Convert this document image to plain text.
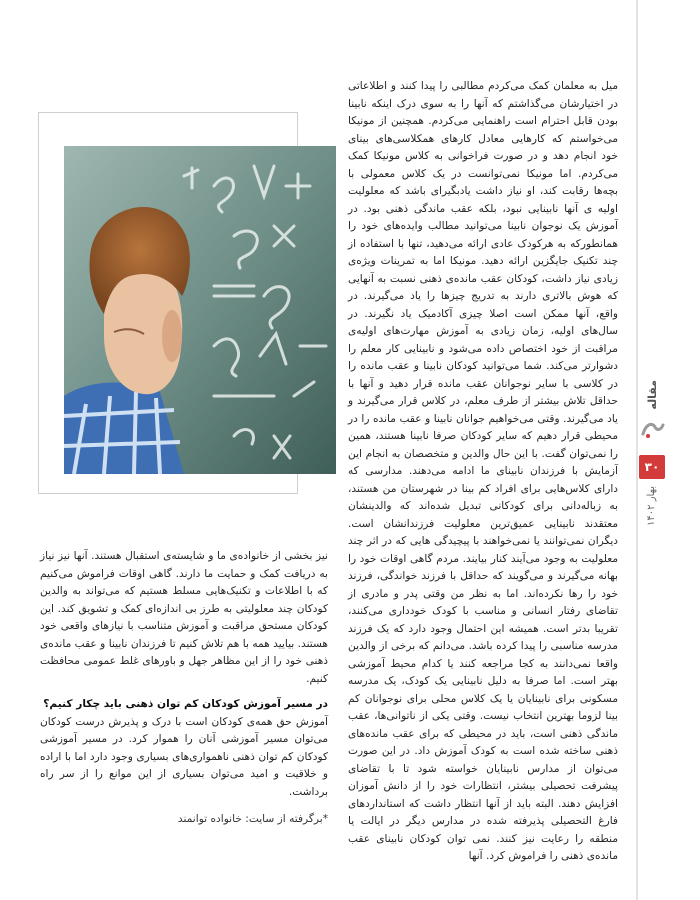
مقاله
۳۰
بهار ۱۴۰۲

میل به معلمان کمک می‌کردم مطالبی را پیدا کنند و اطلاعاتی در اختیارشان می‌گذاشتم که آنها را به سوی درک اینکه نابینا بودن قابل احترام است راهنمایی می‌کردم. همچنین از مونیکا می‌خواستم که کارهایی معادل کارهای همکلاسی‌های بینای خود انجام دهد و در صورت فراخوانی به کلاس مونیکا کمک می‌کردم. اما مونیکا نمی‌توانست در یک کلاس معمولی با بچه‌ها رقابت کند، او نیاز داشت یادبگیرای باشد که معلولیت اولیه ی آنها نابینایی نبود، بلکه عقب ماندگی ذهنی بود. در آموزش یک نوجوان نابینا می‌توانید مطالب وایده‌های خود را همانطورکه به هرکودک عادی ارائه می‌دهید، تنها با استفاده از چند تکنیک جایگزین ارائه دهید. مونیکا اما به تمرینات ویژه‌ی زیادی نیاز داشت، کودکان عقب مانده‌ی ذهنی نسبت به آنهایی که هوش بالاتری دارند به تدریج چیزها را یاد می‌گیرند. در واقع، آنها ممکن است اصلا چیزی آکادمیک یاد نگیرند. در سال‌های اولیه، زمان زیادی به آموزش مهارت‌های اولیه‌ی مراقبت از خود اختصاص داده می‌شود و نابینایی کار معلم را دشوارتر می‌کند. شما می‌توانید کودکان نابینا و عقب مانده را در کلاسی با سایر نوجوانان عقب مانده قرار دهید و آنها با حداقل تلاش بیشتر از طرف معلم، در کلاس قرار می‌گیرند و یاد می‌گیرند. وقتی می‌خواهیم جوانان نابینا و عقب مانده را در محیطی قرار دهیم که سایر کودکان صرفا نابینا هستند، همین را نمی‌توان گفت. با این حال والدین و متخصصان به انجام این آزمایش با فرزندان نابینای ما ادامه می‌دهند. مدارسی که دارای کلاس‌هایی برای افراد کم بینا در شهرستان من هستند، به زباله‌دانی برای کودکانی تبدیل شده‌اند که والدینشان معتقدند نابینایی عمیق‌ترین معلولیت فرزندانشان است. دیگران نمی‌توانند یا نمی‌خواهند با پیچیدگی هایی که در اثر چند معلولیت به وجود می‌آیند کنار بیایند. مردم گاهی اوقات خود را بهانه می‌گیرند و می‌گویند که حداقل با فرزند خواندگی، فرزند خود را رها نکرده‌اند. اما به نظر من وقتی پدر و مادری از تقاضای رفتار انسانی و مناسب با کودک خودداری می‌کنند، تقریبا بدتر است. همیشه این احتمال وجود دارد که یک فرزند مدرسه مناسبی را پیدا کرده باشد. می‌دانم که برخی از والدین واقعا نمی‌دانند به کجا مراجعه کنند یا کدام محیط آموزشی بهتر است. اما صرفا به دلیل نابینایی یک کودک، یک مدرسه مسکونی برای نابینایان یا یک کلاس محلی برای نوجوانان کم بینا لزوما بهترین انتخاب نیست. وقتی یکی از ناتوانی‌ها، عقب ماندگی ذهنی است، باید در محیطی که برای عقب مانده‌های ذهنی ساخته شده است به کودک آموزش داد. در این صورت می‌توان از مدارس نابینایان خواسته شود تا با تقاضای پیشرفت تحصیلی بیشتر، انتظارات خود را از دانش آموزان افزایش دهند. البته باید از آنها انتظار داشت که استانداردهای فارغ التحصیلی پذیرفته شده در مدارس دیگر در ایالت یا منطقه را رعایت نیز کنند. نمی توان کودکان نابینای عقب مانده‌ی ذهنی را فراموش کرد. آنها

نیز بخشی از خانواده‌ی ما و شایسته‌ی استقبال هستند. آنها نیز نیاز به دریافت کمک و حمایت ما دارند. گاهی اوقات فراموش می‌کنیم که با اطلاعات و تکنیک‌هایی مسلط هستیم که می‌تواند به والدین کودکان چند معلولیتی به طرز بی اندازه‌ای کمک و تشویق کند. این کودکان مستحق مراقبت و آموزش متناسب با نیازهای واقعی خود هستند. بیایید همه با هم تلاش کنیم تا فرزندان نابینا و عقب مانده‌ی ذهنی خود را از این مظاهر جهل و باورهای غلط عمومی محافظت کنیم.

در مسیر آموزش کودکان کم توان ذهنی باید چکار کنیم؟

آموزش حق همه‌ی کودکان است با درک و پذیرش درست کودکان می‌توان مسیر آموزشی آنان را هموار کرد. در مسیر آموزشی کودکان کم توان ذهنی ناهمواری‌های بسیاری وجود دارد اما با اراده و خلاقیت و امید می‌توان بسیاری از این موانع را از سر راه برداشت.

*برگرفته از سایت: خانواده توانمند
